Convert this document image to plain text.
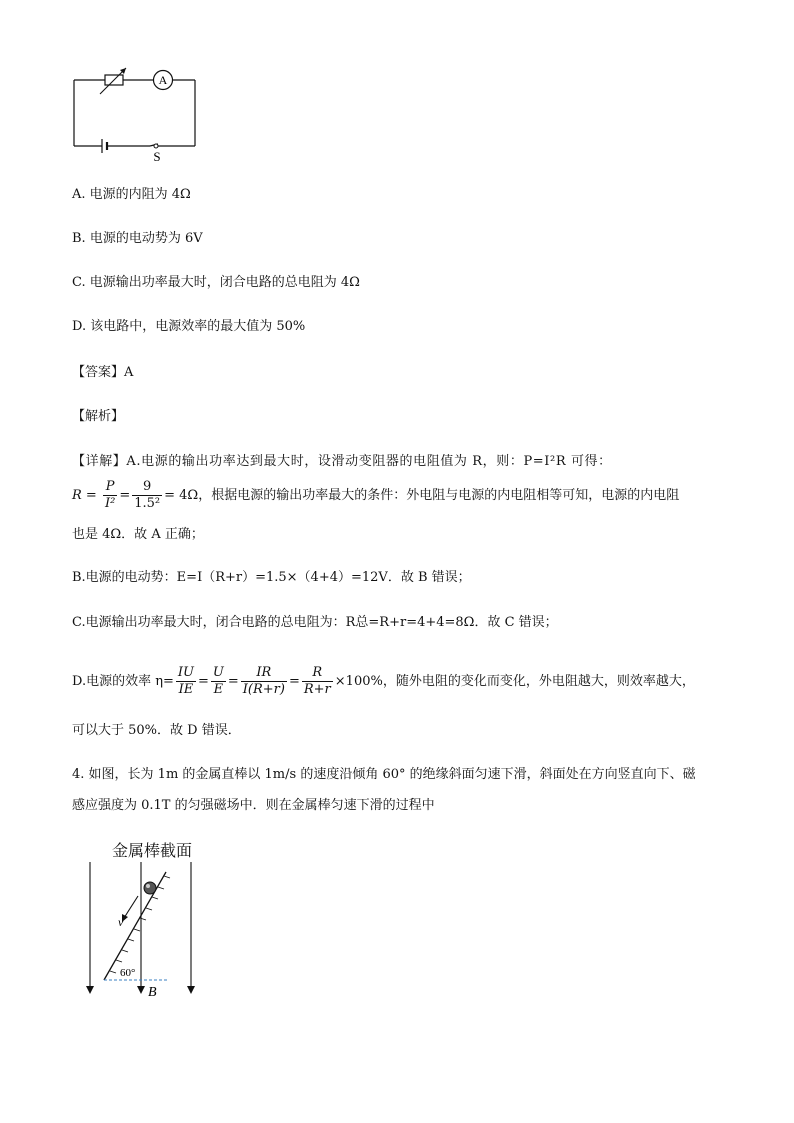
A
S
A. 电源的内阻为 4Ω
B. 电源的电动势为 6V
C. 电源输出功率最大时，闭合电路的总电阻为 4Ω
D. 该电路中，电源效率的最大值为 50%
【答案】A
【解析】
【详解】A.电源的输出功率达到最大时，设滑动变阻器的电阻值为 R，则：P=I²R 可得：
$R = \frac{P}{\text{I²}} = \frac{9}{\text{1.5²}} = 4\Omega$，根据电源的输出功率最大的条件：外电阻与电源的内电阻相等可知，电源的内电阻
也是 4Ω．故 A 正确；
B.电源的电动势：E=I（R+r）=1.5×（4+4）=12V．故 B 错误；
C.电源输出功率最大时，闭合电路的总电阻为：R总=R+r=4+4=8Ω．故 C 错误；
D.电源的效率 $\eta= \frac{IU}{IE} = \frac{U}{E} = \frac{IR}{I(R+r)} = \frac{R}{R+r} \times 100\%$，随外电阻的变化而变化，外电阻越大，则效率越大，
可以大于 50%．故 D 错误．
4. 如图，长为 1m 的金属直棒以 1m/s 的速度沿倾角 60° 的绝缘斜面匀速下滑，斜面处在方向竖直向下、磁
感应强度为 0.1T 的匀强磁场中．则在金属棒匀速下滑的过程中
金属棒截面
v
60°
B
